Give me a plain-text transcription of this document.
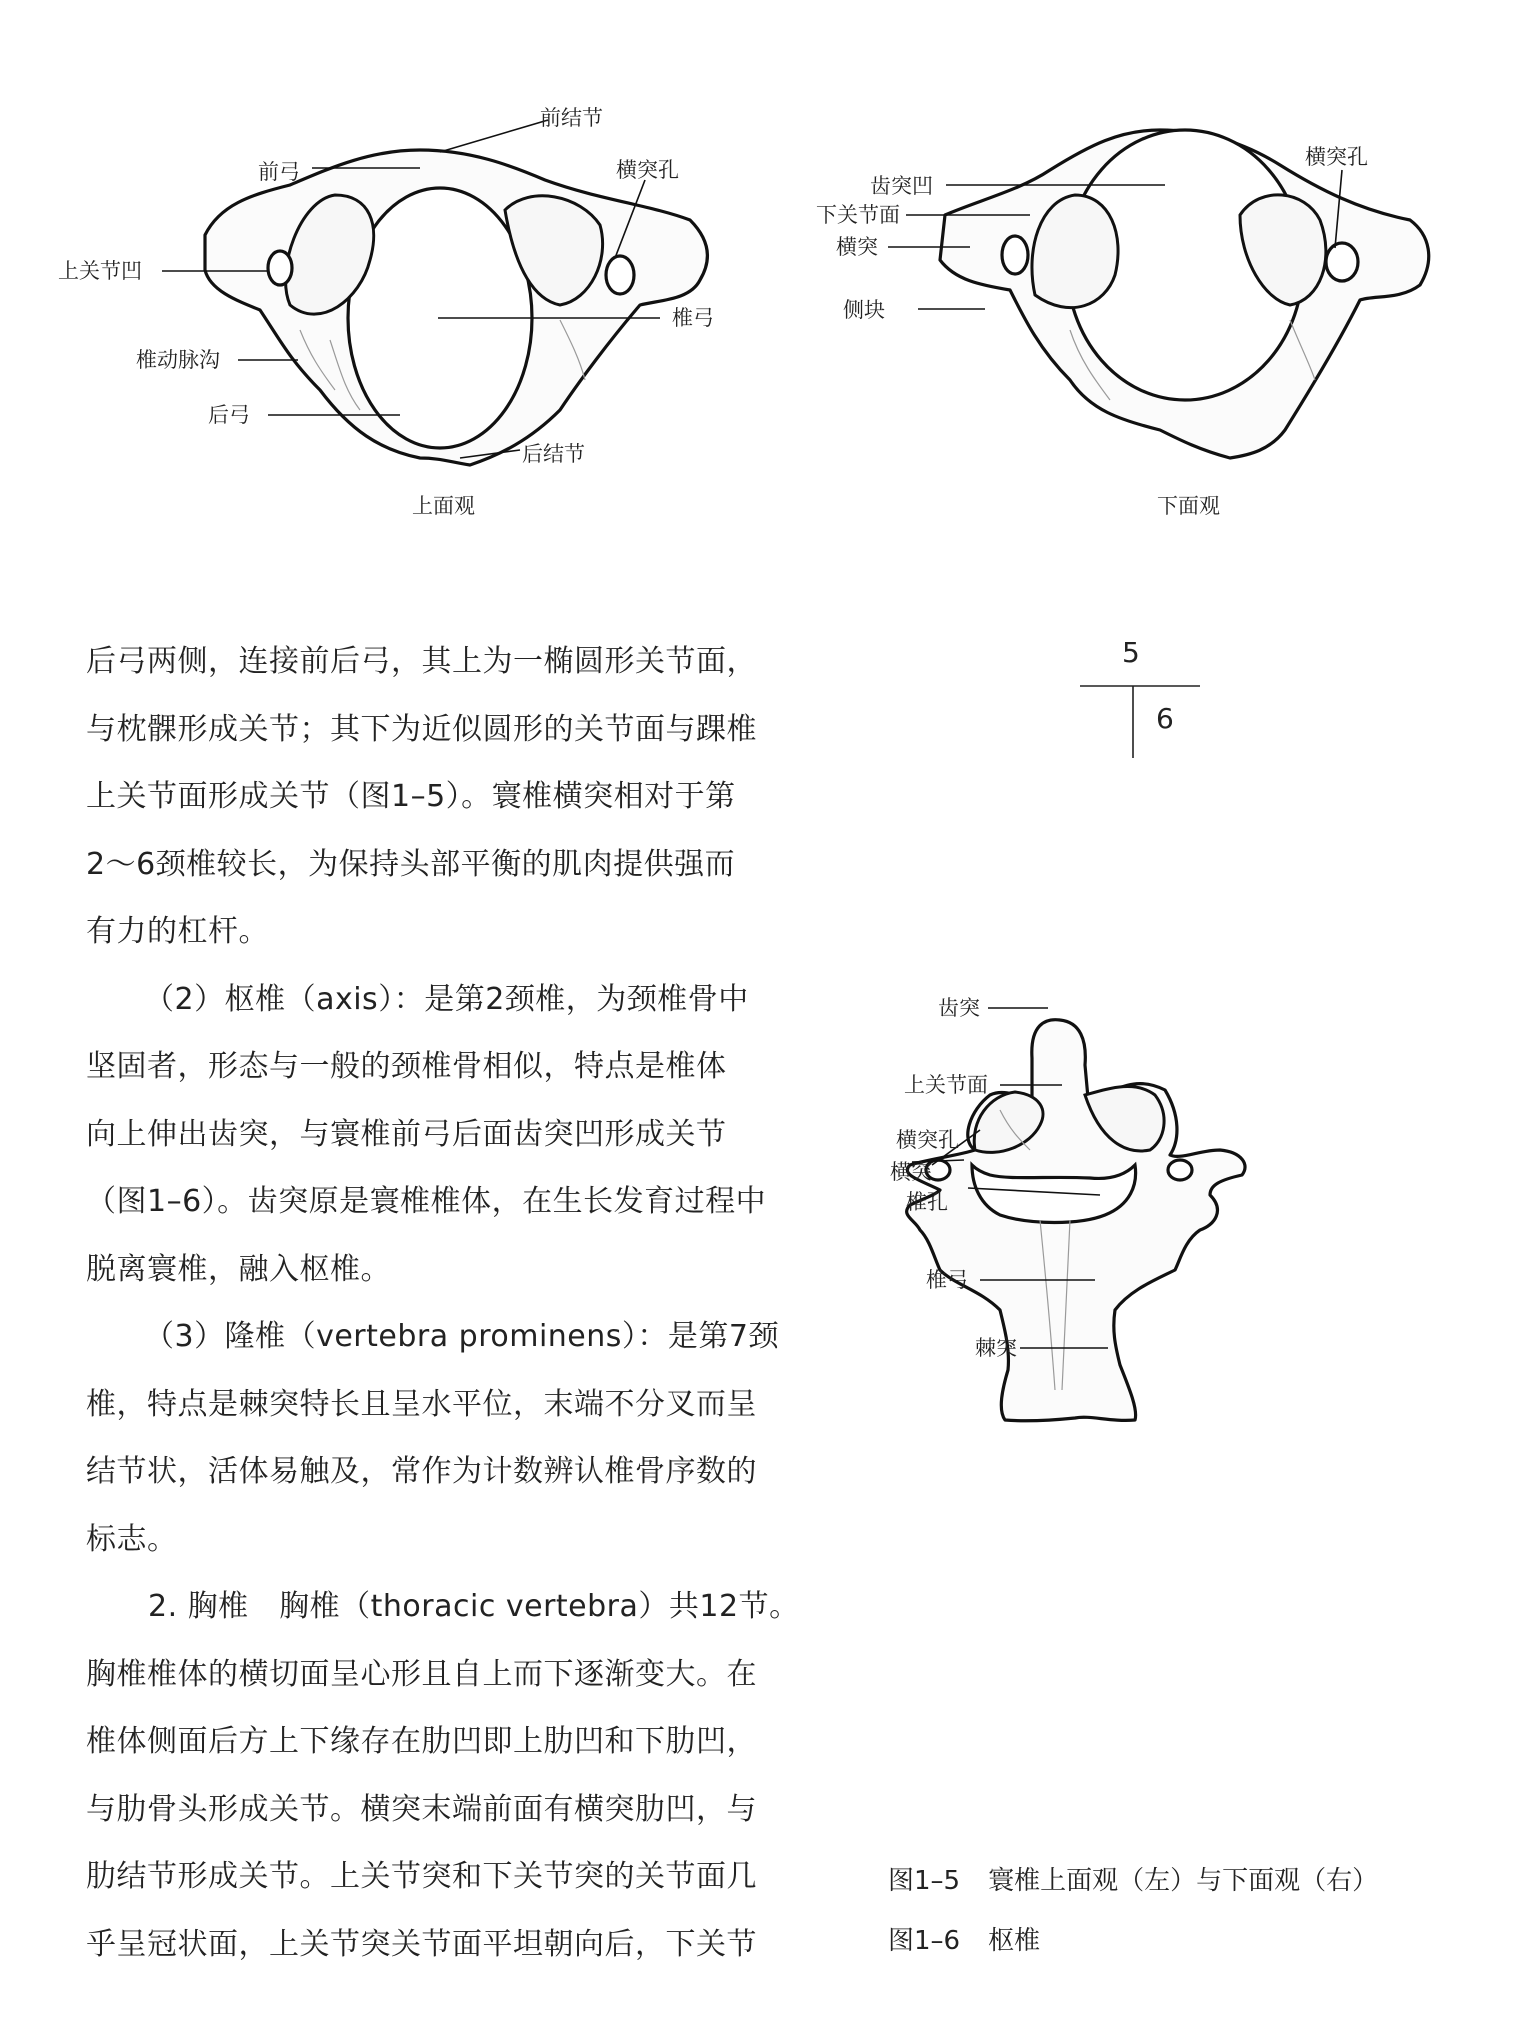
前结节
前弓	横突孔
上关节凹
椎弓
椎动脉沟
后弓
后结节
上面观
齿突凹
下关节面
横突
侧块
横突孔
下面观
后弓两侧，连接前后弓，其上为一椭圆形关节面，
与枕髁形成关节；其下为近似圆形的关节面与踝椎
上关节面形成关节（图1–5）。寰椎横突相对于第
2～6颈椎较长，为保持头部平衡的肌肉提供强而
有力的杠杆。
（2）枢椎（axis）：是第2颈椎，为颈椎骨中
坚固者，形态与一般的颈椎骨相似，特点是椎体
向上伸出齿突，与寰椎前弓后面齿突凹形成关节
（图1–6）。齿突原是寰椎椎体，在生长发育过程中
脱离寰椎，融入枢椎。
（3）隆椎（vertebra prominens）：是第7颈
椎，特点是棘突特长且呈水平位，末端不分叉而呈
结节状，活体易触及，常作为计数辨认椎骨序数的
标志。
2. 胸椎　胸椎（thoracic vertebra）共12节。
胸椎椎体的横切面呈心形且自上而下逐渐变大。在
椎体侧面后方上下缘存在肋凹即上肋凹和下肋凹，
与肋骨头形成关节。横突末端前面有横突肋凹，与
肋结节形成关节。上关节突和下关节突的关节面几
乎呈冠状面，上关节突关节面平坦朝向后，下关节
5
6
齿突
上关节面
横突孔
横突
椎孔
椎弓
棘突
图1–5 寰椎上面观（左）与下面观（右）
图1–6 枢椎
